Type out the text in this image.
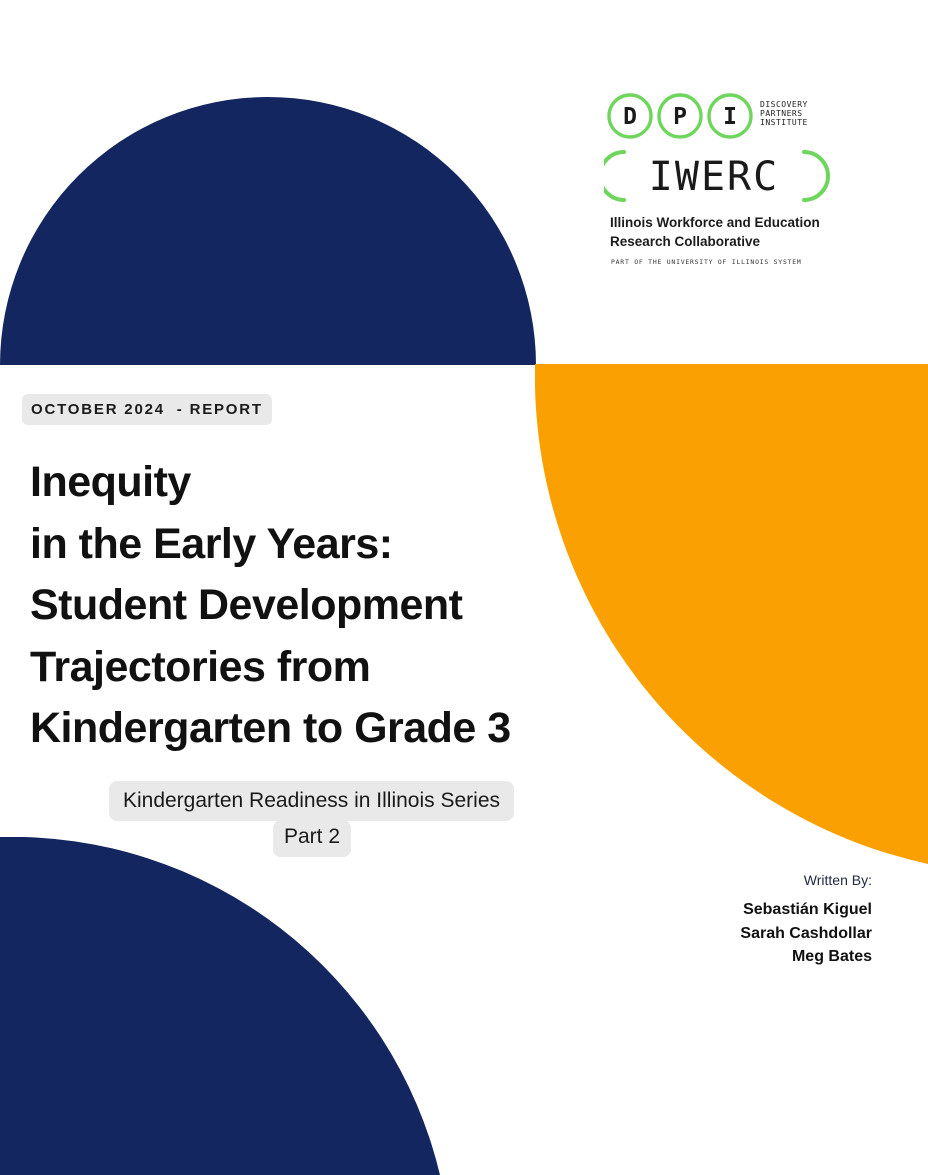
D P I	DISCOVERY
PARTNERS
INSTITUTE

IWERC

Illinois Workforce and Education
Research Collaborative

PART OF THE UNIVERSITY OF ILLINOIS SYSTEM

OCTOBER 2024  - REPORT
Inequity
in the Early Years:
Student Development
Trajectories from
Kindergarten to Grade 3
Kindergarten Readiness in Illinois Series
Part 2
Written By:
Sebastián Kiguel
Sarah Cashdollar
Meg Bates
